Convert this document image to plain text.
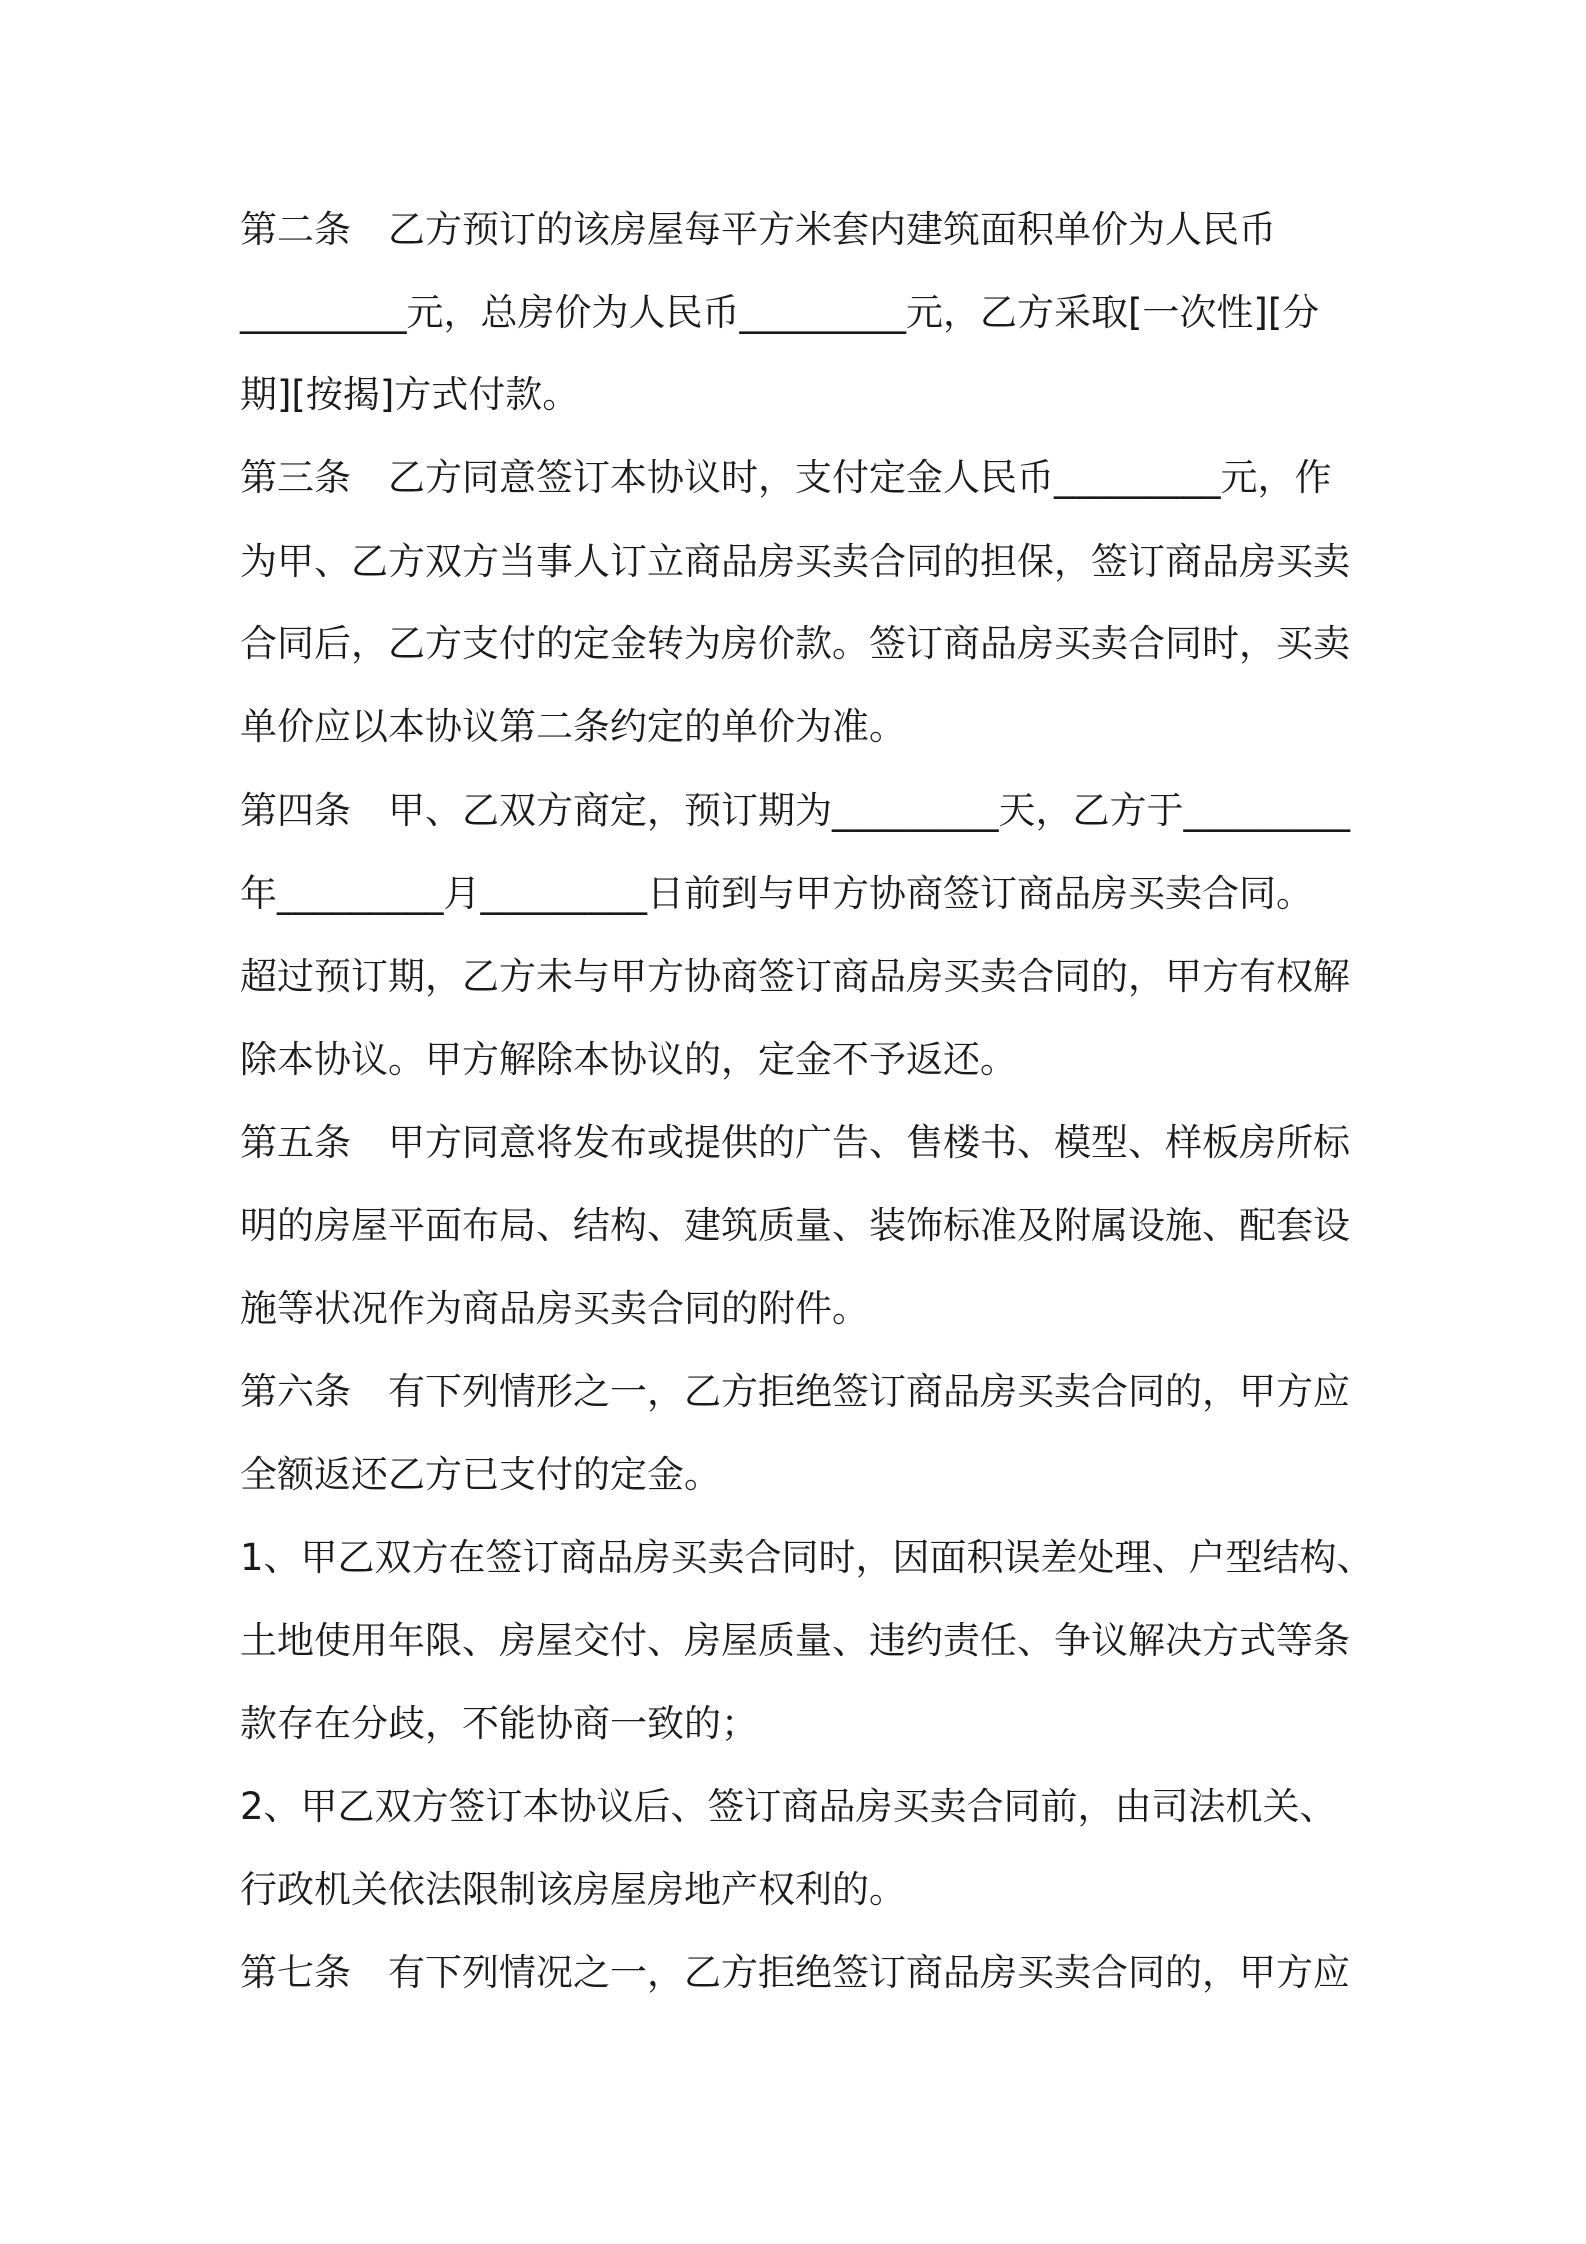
第二条　乙方预订的该房屋每平方米套内建筑面积单价为人民币
_________元，总房价为人民币_________元，乙方采取[一次性][分
期][按揭]方式付款。
第三条　乙方同意签订本协议时，支付定金人民币_________元，作
为甲、乙方双方当事人订立商品房买卖合同的担保，签订商品房买卖
合同后，乙方支付的定金转为房价款。签订商品房买卖合同时，买卖
单价应以本协议第二条约定的单价为准。
第四条　甲、乙双方商定，预订期为_________天，乙方于_________
年_________月_________日前到与甲方协商签订商品房买卖合同。
超过预订期，乙方未与甲方协商签订商品房买卖合同的，甲方有权解
除本协议。甲方解除本协议的，定金不予返还。
第五条　甲方同意将发布或提供的广告、售楼书、模型、样板房所标
明的房屋平面布局、结构、建筑质量、装饰标准及附属设施、配套设
施等状况作为商品房买卖合同的附件。
第六条　有下列情形之一，乙方拒绝签订商品房买卖合同的，甲方应
全额返还乙方已支付的定金。
1、甲乙双方在签订商品房买卖合同时，因面积误差处理、户型结构、
土地使用年限、房屋交付、房屋质量、违约责任、争议解决方式等条
款存在分歧，不能协商一致的；
2、甲乙双方签订本协议后、签订商品房买卖合同前，由司法机关、
行政机关依法限制该房屋房地产权利的。
第七条　有下列情况之一，乙方拒绝签订商品房买卖合同的，甲方应
